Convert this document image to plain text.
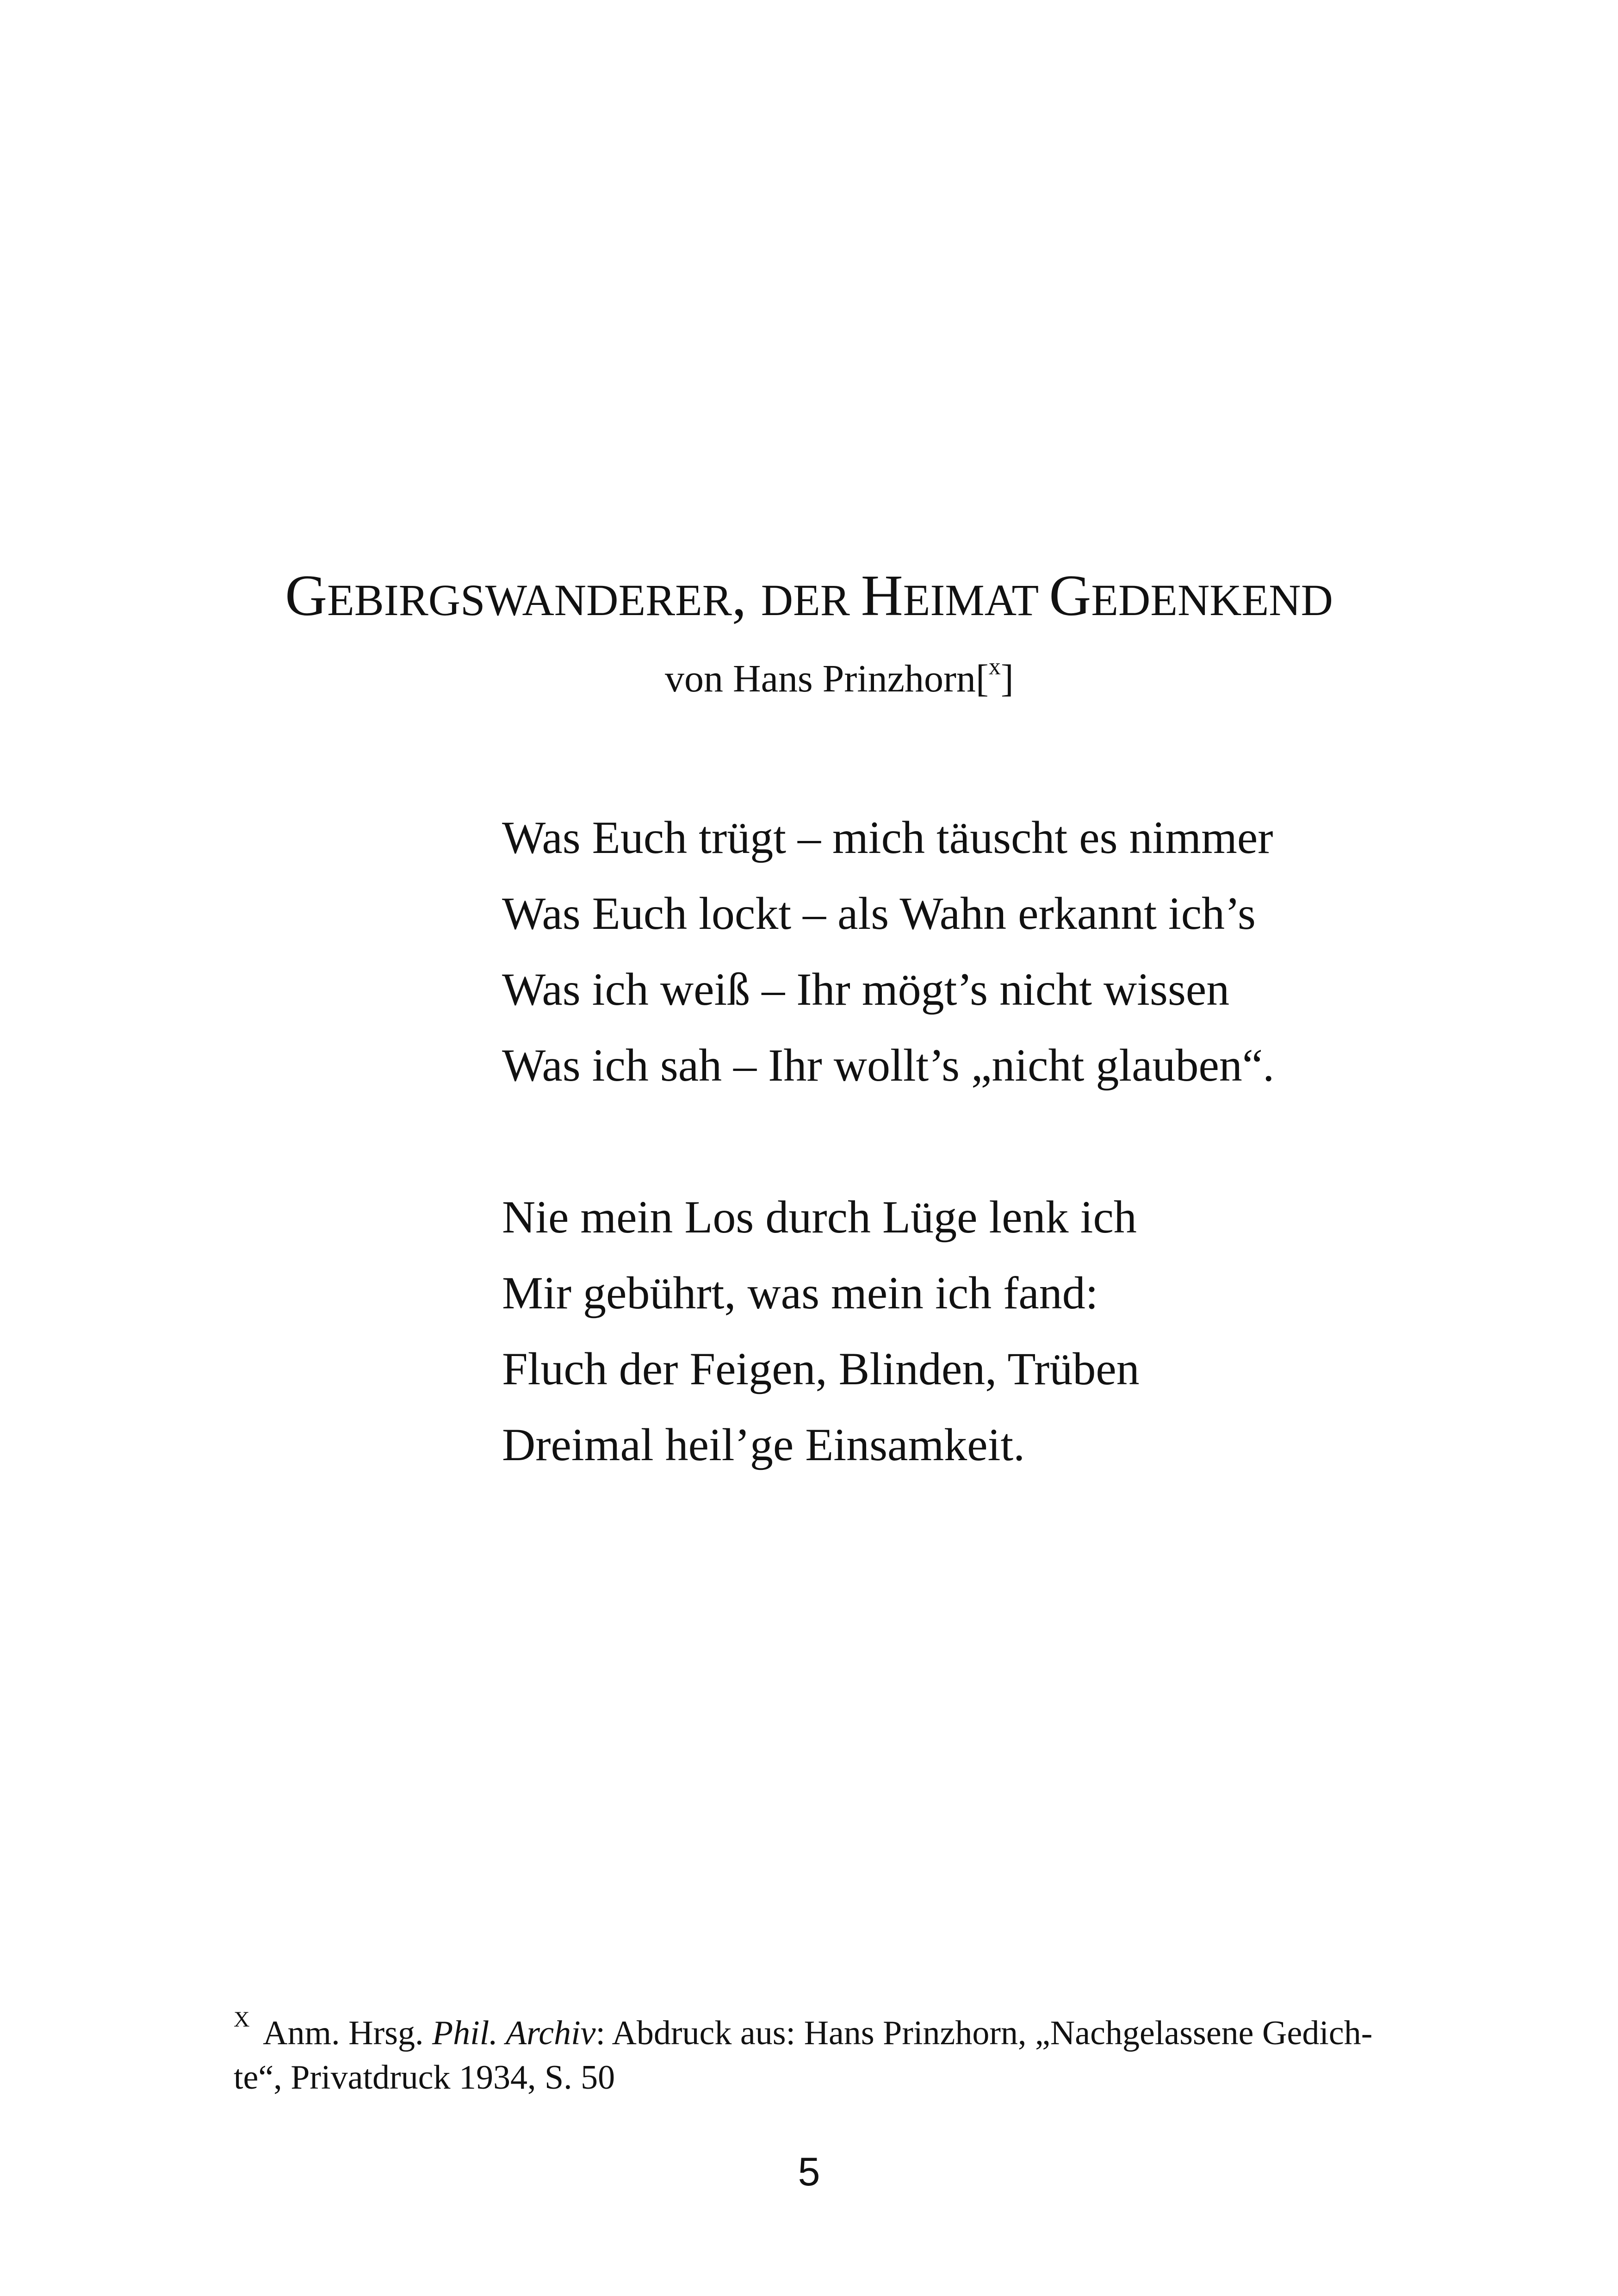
GEBIRGSWANDERER, DER HEIMAT GEDENKEND
von Hans Prinzhorn[$^x$]
Was Euch trügt – mich täuscht es nimmer
Was Euch lockt – als Wahn erkannt ich’s
Was ich weiß – Ihr mögt’s nicht wissen
Was ich sah – Ihr wollt’s „nicht glauben“.
Nie mein Los durch Lüge lenk ich
Mir gebührt, was mein ich fand:
Fluch der Feigen, Blinden, Trüben
Dreimal heil’ge Einsamkeit.
$^X$ Anm. Hrsg. Phil. Archiv: Abdruck aus: Hans Prinzhorn, „Nachgelassene Gedich-
te“, Privatdruck 1934, S. 50
5
